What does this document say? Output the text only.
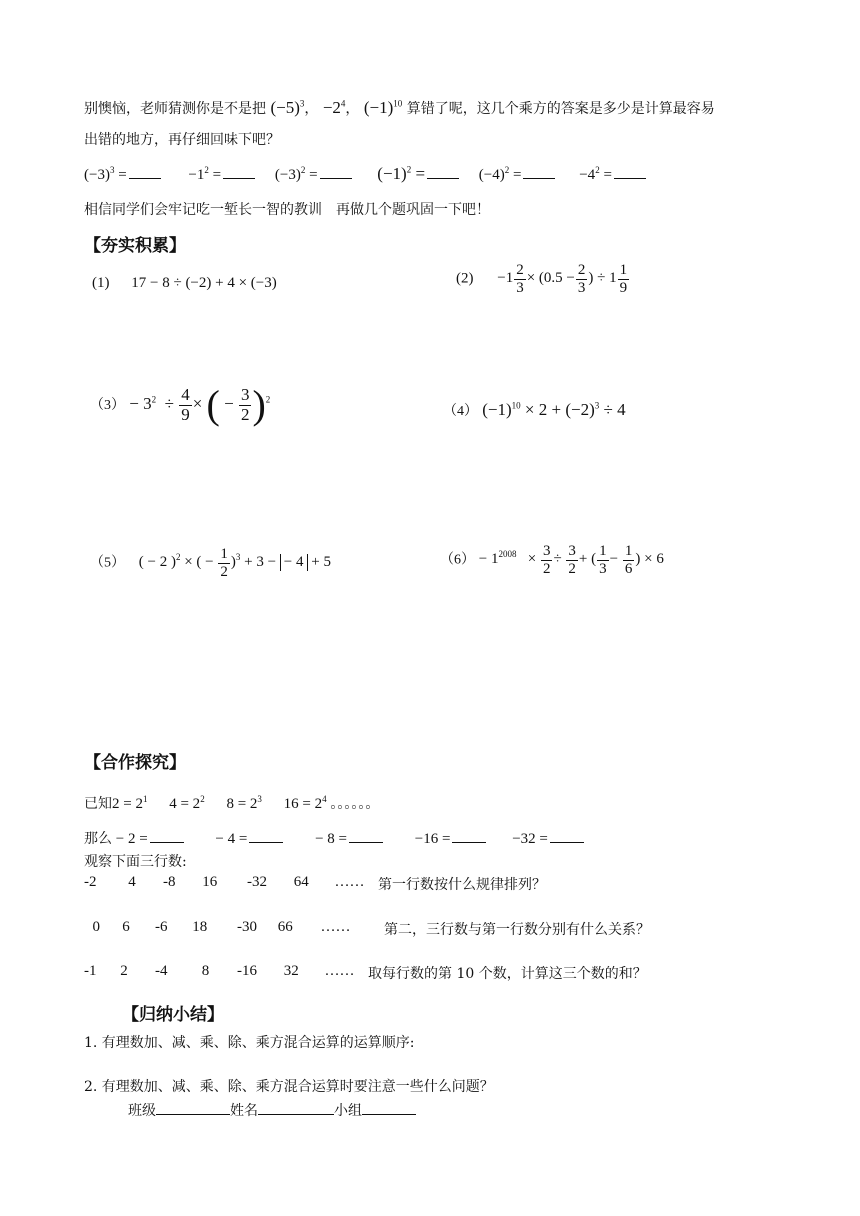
别懊恼，老师猜测你是不是把 $(-5)^3$， $-2^4$， $(-1)^{10}$ 算错了呢，这几个乘方的答案是多少是计算最容易
出错的地方，再仔细回味下吧？
$(-3)^3$ =	$-1^2$ =	$(-3)^2$ =	$(-1)^2$ =	$(-4)^2$ =	$-4^2$ =
相信同学们会牢记吃一堑长一智的教训　再做几个题巩固一下吧！
【夯实积累】
(1) 17 − 8 ÷ (−2) + 4 × (−3)	$(2) -1 \frac{2}{3} \times (0.5 - \frac{2}{3}$ ) ÷ $1 \frac{1}{9}$
$(3) - 3^2 \div \frac{4}{9}$ × ( − $\frac{3}{2} )^2$
（4） $(-1)^{10} \times 2 + (-2)^3 \div 4$
（5） ( − 2 )$^2$ × ( − $\frac{1}{2} )^3 + 3$ − − 4 + 5	$(6) - 1^{2008} \times \frac{3}{2} \div \frac{3}{2}$ + ( $\frac{1}{3} - \frac{1}{6}$ ) × 6
【合作探究】
已知$2 = 2^1$ $4 = 2^2$ $8 = 2^3$ $16 = 2^4$ 。。。。。。
那么 − 2 =	− 4 =	− 8 =	−16 =	−32 =
观察下面三行数:
-2 4 -8 16 -32 64 …… 第一行数按什么规律排列？
0 6 -6 18 -30 66 …… 第二，三行数与第一行数分别有什么关系？
-1 2 -4 8 -16 32 …… 取每行数的第 10 个数，计算这三个数的和？
【归纳小结】
1. 有理数加、减、乘、除、乘方混合运算的运算顺序:
2. 有理数加、减、乘、除、乘方混合运算时要注意一些什么问题？
班级	姓名	小组
